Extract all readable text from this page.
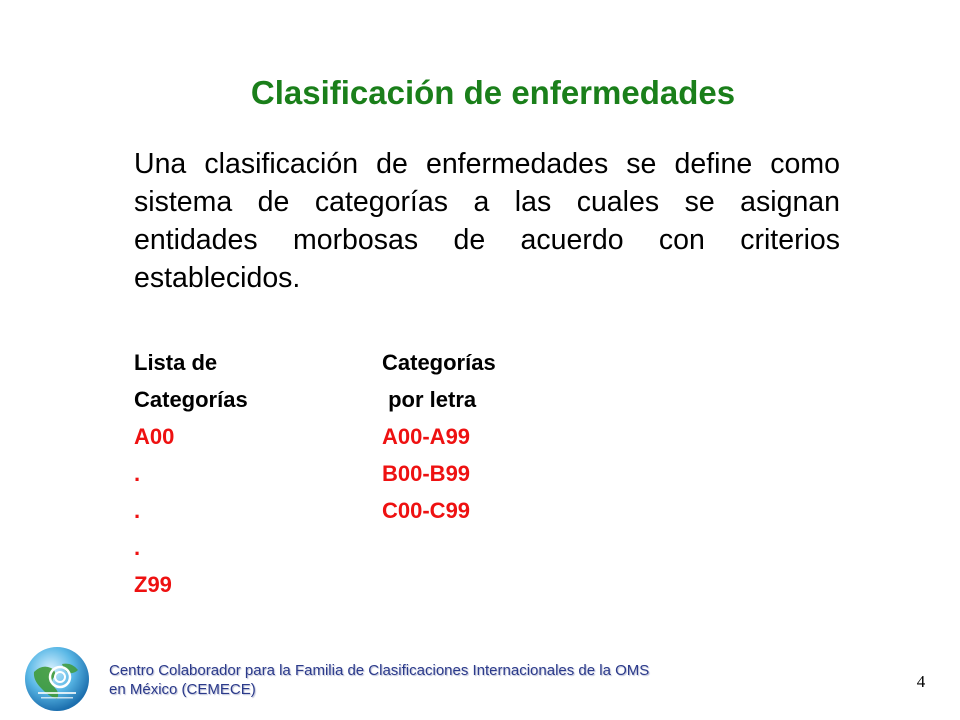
Clasificación de enfermedades
Una clasificación de enfermedades se define como sistema de categorías a las cuales se asignan entidades morbosas de acuerdo con criterios establecidos.
Lista de
Categorías
A00
.
.
.
Z99
Categorías
por letra
A00-A99
B00-B99
C00-C99
Centro Colaborador para la Familia de Clasificaciones Internacionales de la OMS en México (CEMECE)	4
